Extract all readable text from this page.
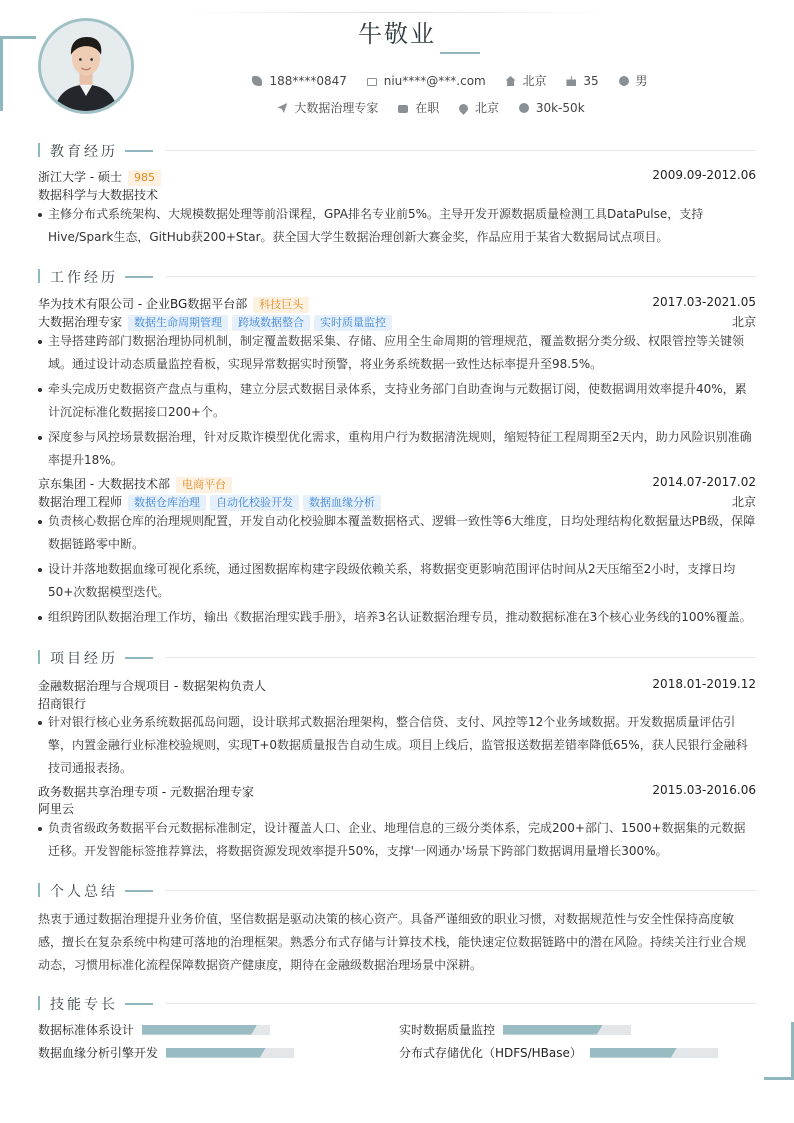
牛敬业
188****0847	niu****@***.com	北京	35	男
大数据治理专家	在职	北京	30k-50k
教育经历
浙江大学 - 硕士 985	2009.09-2012.06
数据科学与大数据技术
主修分布式系统架构、大规模数据处理等前沿课程，GPA排名专业前5%。主导开发开源数据质量检测工具DataPulse，支持Hive/Spark生态，GitHub获200+Star。获全国大学生数据治理创新大赛金奖，作品应用于某省大数据局试点项目。
工作经历
华为技术有限公司 - 企业BG数据平台部 科技巨头	2017.03-2021.05
大数据治理专家 数据生命周期管理 跨域数据整合 实时质量监控	北京
主导搭建跨部门数据治理协同机制，制定覆盖数据采集、存储、应用全生命周期的管理规范，覆盖数据分类分级、权限管控等关键领域。通过设计动态质量监控看板，实现异常数据实时预警，将业务系统数据一致性达标率提升至98.5%。
牵头完成历史数据资产盘点与重构，建立分层式数据目录体系，支持业务部门自助查询与元数据订阅，使数据调用效率提升40%，累计沉淀标准化数据接口200+个。
深度参与风控场景数据治理，针对反欺诈模型优化需求，重构用户行为数据清洗规则，缩短特征工程周期至2天内，助力风险识别准确率提升18%。
京东集团 - 大数据技术部 电商平台	2014.07-2017.02
数据治理工程师 数据仓库治理 自动化校验开发 数据血缘分析	北京
负责核心数据仓库的治理规则配置，开发自动化校验脚本覆盖数据格式、逻辑一致性等6大维度，日均处理结构化数据量达PB级，保障数据链路零中断。
设计并落地数据血缘可视化系统，通过图数据库构建字段级依赖关系，将数据变更影响范围评估时间从2天压缩至2小时，支撑日均50+次数据模型迭代。
组织跨团队数据治理工作坊，输出《数据治理实践手册》，培养3名认证数据治理专员，推动数据标准在3个核心业务线的100%覆盖。
项目经历
金融数据治理与合规项目 - 数据架构负责人	2018.01-2019.12
招商银行
针对银行核心业务系统数据孤岛问题，设计联邦式数据治理架构，整合信贷、支付、风控等12个业务域数据。开发数据质量评估引擎，内置金融行业标准校验规则，实现T+0数据质量报告自动生成。项目上线后，监管报送数据差错率降低65%，获人民银行金融科技司通报表扬。
政务数据共享治理专项 - 元数据治理专家	2015.03-2016.06
阿里云
负责省级政务数据平台元数据标准制定，设计覆盖人口、企业、地理信息的三级分类体系，完成200+部门、1500+数据集的元数据迁移。开发智能标签推荐算法，将数据资源发现效率提升50%，支撑'一网通办'场景下跨部门数据调用量增长300%。
个人总结
热衷于通过数据治理提升业务价值，坚信数据是驱动决策的核心资产。具备严谨细致的职业习惯，对数据规范性与安全性保持高度敏感，擅长在复杂系统中构建可落地的治理框架。熟悉分布式存储与计算技术栈，能快速定位数据链路中的潜在风险。持续关注行业合规动态，习惯用标准化流程保障数据资产健康度，期待在金融级数据治理场景中深耕。
技能专长
数据标准体系设计	实时数据质量监控
数据血缘分析引擎开发	分布式存储优化（HDFS/HBase）
